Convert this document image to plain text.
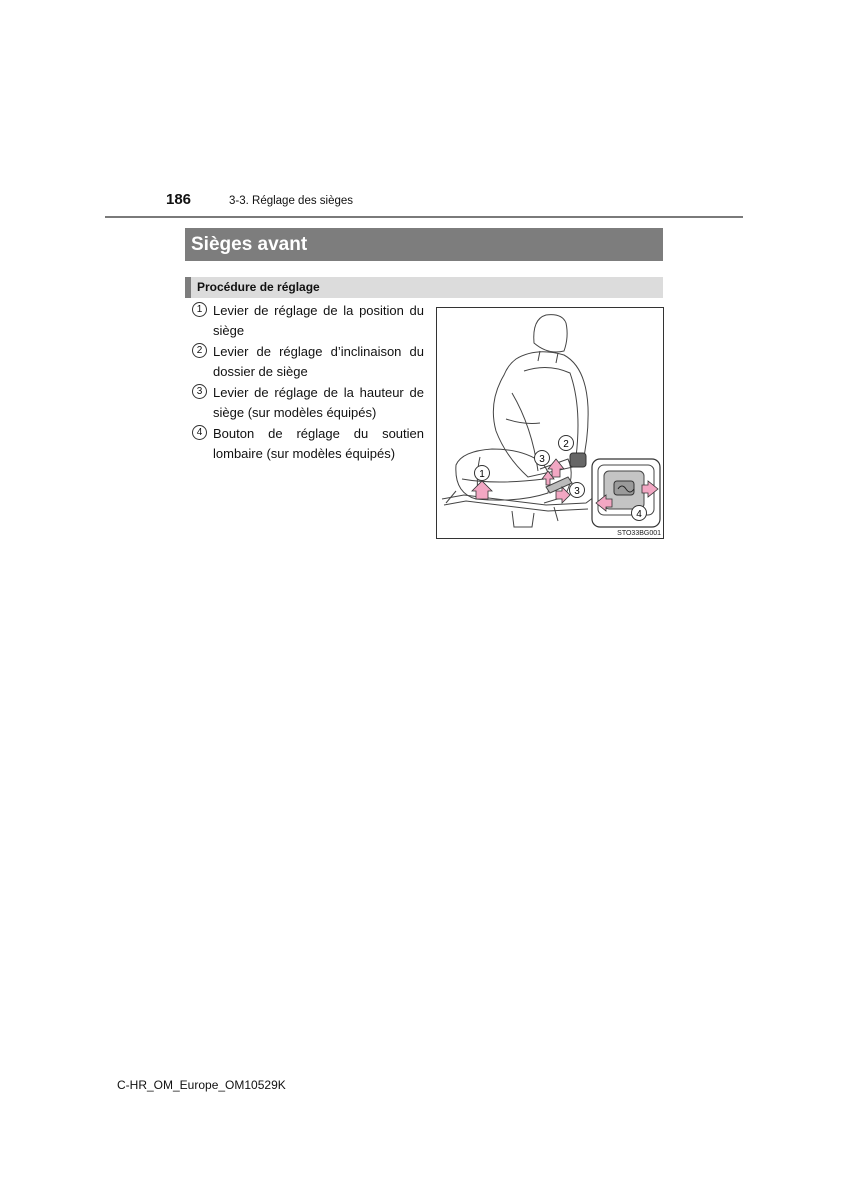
186	3-3. Réglage des sièges
Sièges avant
Procédure de réglage
1 Levier de réglage de la position du siège
2 Levier de réglage d’inclinaison du dossier de siège
3 Levier de réglage de la hauteur de siège (sur modèles équipés)
4 Bouton de réglage du soutien lombaire (sur modèles équipés)
1
2
3
3
4
STO33BG001
C-HR_OM_Europe_OM10529K
